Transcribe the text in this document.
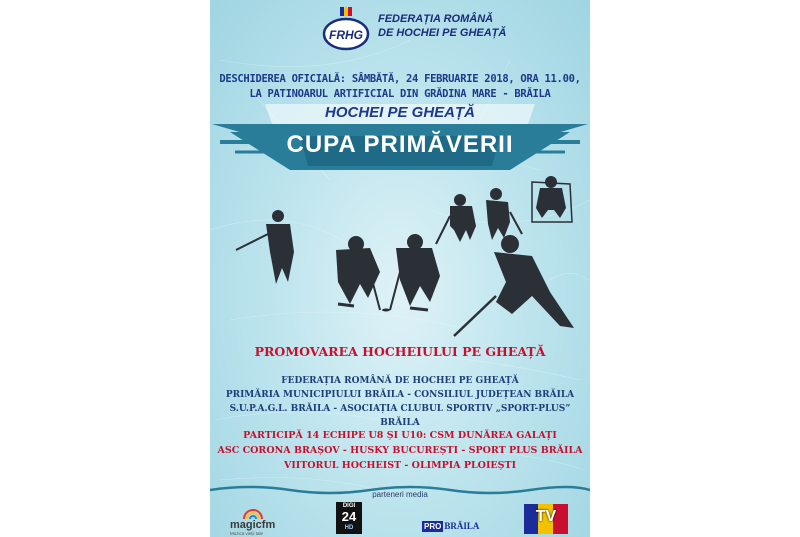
FRHG
FEDERAȚIA ROMÂNĂ
DE HOCHEI PE GHEAȚĂ
DESCHIDEREA OFICIALĂ: SÂMBĂTĂ, 24 FEBRUARIE 2018, ORA 11.00,
LA PATINOARUL ARTIFICIAL DIN GRĂDINA MARE - BRĂILA
HOCHEI PE GHEAȚĂ
CUPA PRIMĂVERII
PROMOVAREA HOCHEIULUI PE GHEAȚĂ
FEDERAȚIA ROMÂNĂ DE HOCHEI PE GHEAȚĂ
PRIMĂRIA MUNICIPIULUI BRĂILA - CONSILIUL JUDEȚEAN BRĂILA
S.U.P.A.G.L. BRĂILA - ASOCIAȚIA CLUBUL SPORTIV „SPORT-PLUS” BRĂILA
PARTICIPĂ 14 ECHIPE U8 ȘI U10: CSM DUNĂREA GALAȚI
ASC CORONA BRAȘOV - HUSKY BUCUREȘTI - SPORT PLUS BRĂILA
VIITORUL HOCHEIST - OLIMPIA PLOIEȘTI
parteneri media
magicfm
Muzica vieții tale
DIGI
24
HD	PRO BRĂILA
TV
